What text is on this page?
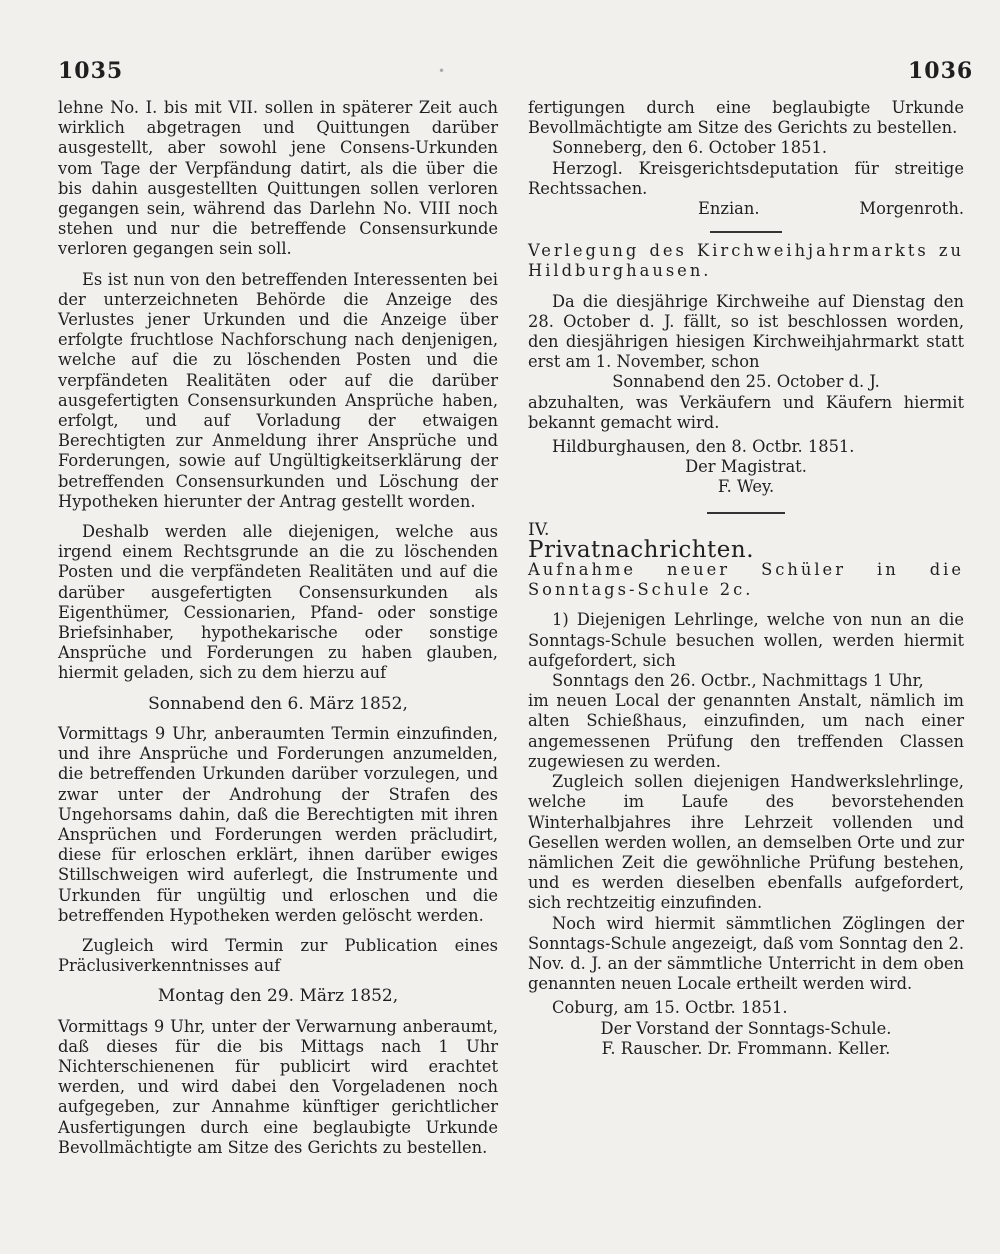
1035	•	1036

lehne No. I. bis mit VII. sollen in späterer Zeit auch wirklich abgetragen und Quittungen darüber ausgestellt, aber sowohl jene Consens-Urkunden vom Tage der Verpfändung datirt, als die über die bis dahin ausgestellten Quittungen sollen verloren gegangen sein, während das Darlehn No. VIII noch stehen und nur die betreffende Consensurkunde verloren gegangen sein soll.

Es ist nun von den betreffenden Interessenten bei der unterzeichneten Behörde die Anzeige des Verlustes jener Urkunden und die Anzeige über erfolgte fruchtlose Nachforschung nach denjenigen, welche auf die zu löschenden Posten und die verpfändeten Realitäten oder auf die darüber ausgefertigten Consensurkunden Ansprüche haben, erfolgt, und auf Vorladung der etwaigen Berechtigten zur Anmeldung ihrer Ansprüche und Forderungen, sowie auf Ungültigkeitserklärung der betreffenden Consensurkunden und Löschung der Hypotheken hierunter der Antrag gestellt worden.

Deshalb werden alle diejenigen, welche aus irgend einem Rechtsgrunde an die zu löschenden Posten und die verpfändeten Realitäten und auf die darüber ausgefertigten Consensurkunden als Eigenthümer, Cessionarien, Pfand- oder sonstige Briefsinhaber, hypothekarische oder sonstige Ansprüche und Forderungen zu haben glauben, hiermit geladen, sich zu dem hierzu auf

Sonnabend den 6. März 1852,

Vormittags 9 Uhr, anberaumten Termin einzufinden, und ihre Ansprüche und Forderungen anzumelden, die betreffenden Urkunden darüber vorzulegen, und zwar unter der Androhung der Strafen des Ungehorsams dahin, daß die Berechtigten mit ihren Ansprüchen und Forderungen werden präcludirt, diese für erloschen erklärt, ihnen darüber ewiges Stillschweigen wird auferlegt, die Instrumente und Urkunden für ungültig und erloschen und die betreffenden Hypotheken werden gelöscht werden.

Zugleich wird Termin zur Publication eines Präclusiverkenntnisses auf

Montag den 29. März 1852,

Vormittags 9 Uhr, unter der Verwarnung anberaumt, daß dieses für die bis Mittags nach 1 Uhr Nichterschienenen für publicirt wird erachtet werden, und wird dabei den Vorgeladenen noch aufgegeben, zur Annahme künftiger gerichtlicher Ausfertigungen durch eine beglaubigte Urkunde Bevollmächtigte am Sitze des Gerichts zu bestellen.

fertigungen durch eine beglaubigte Urkunde Bevollmächtigte am Sitze des Gerichts zu bestellen.

Sonneberg, den 6. October 1851.

Herzogl. Kreisgerichtsdeputation für streitige Rechtssachen.

Enzian.	Morgenroth.

Verlegung des Kirchweihjahrmarkts zu Hildburghausen.

Da die diesjährige Kirchweihe auf Dienstag den 28. October d. J. fällt, so ist beschlossen worden, den diesjährigen hiesigen Kirchweihjahrmarkt statt erst am 1. November, schon

Sonnabend den 25. October d. J.

abzuhalten, was Verkäufern und Käufern hiermit bekannt gemacht wird.

Hildburghausen, den 8. Octbr. 1851.

Der Magistrat.

F. Wey.

IV.

Privatnachrichten.

Aufnahme neuer Schüler in die Sonntags-Schule 2c.

1) Diejenigen Lehrlinge, welche von nun an die Sonntags-Schule besuchen wollen, werden hiermit aufgefordert, sich

Sonntags den 26. Octbr., Nachmittags 1 Uhr,

im neuen Local der genannten Anstalt, nämlich im alten Schießhaus, einzufinden, um nach einer angemessenen Prüfung den treffenden Classen zugewiesen zu werden.

Zugleich sollen diejenigen Handwerkslehrlinge, welche im Laufe des bevorstehenden Winterhalbjahres ihre Lehrzeit vollenden und Gesellen werden wollen, an demselben Orte und zur nämlichen Zeit die gewöhnliche Prüfung bestehen, und es werden dieselben ebenfalls aufgefordert, sich rechtzeitig einzufinden.

Noch wird hiermit sämmtlichen Zöglingen der Sonntags-Schule angezeigt, daß vom Sonntag den 2. Nov. d. J. an der sämmtliche Unterricht in dem oben genannten neuen Locale ertheilt werden wird.

Coburg, am 15. Octbr. 1851.

Der Vorstand der Sonntags-Schule.

F. Rauscher. Dr. Frommann. Keller.
